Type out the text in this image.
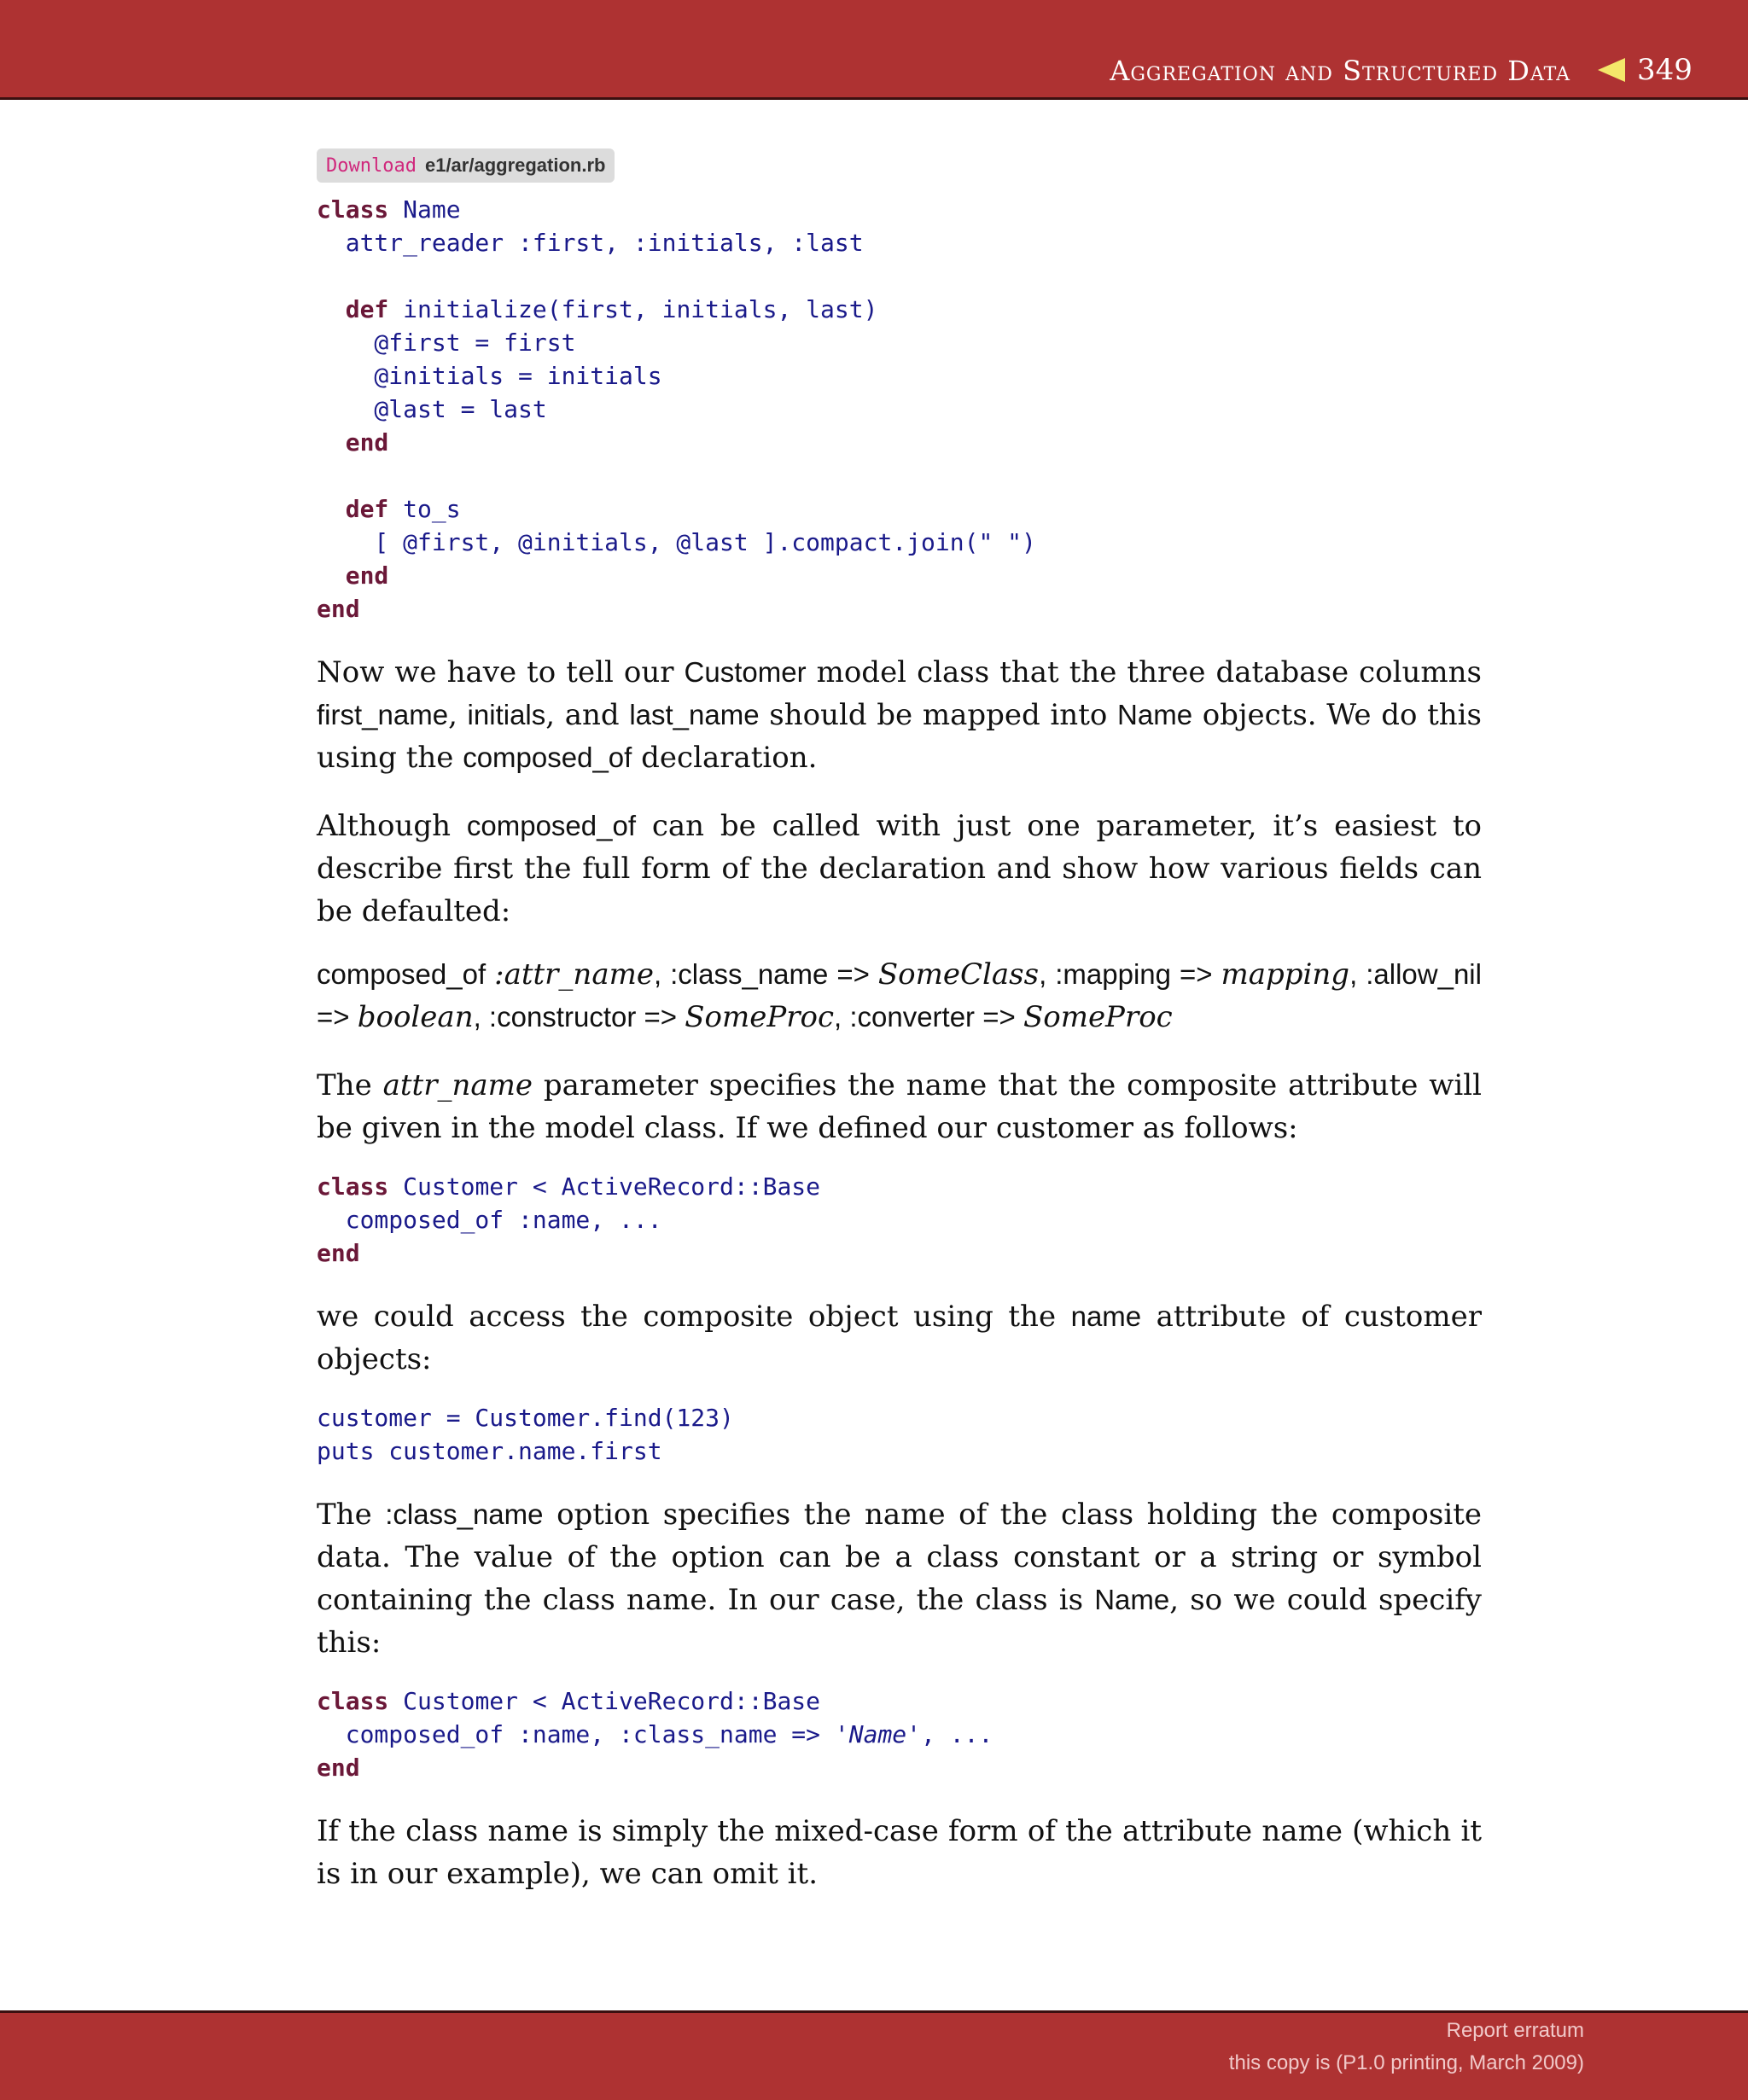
Aggregation and Structured Data 349
Download e1/ar/aggregation.rb
class Name
attr_reader :first, :initials, :last

def initialize(first, initials, last)
@first = first
@initials = initials
@last = last
end

def to_s
[ @first, @initials, @last ].compact.join(" ")
end
end

Now we have to tell our Customer model class that the three database columns first_name, initials, and last_name should be mapped into Name objects. We do this using the composed_of declaration.

Although composed_of can be called with just one parameter, it’s easiest to describe first the full form of the declaration and show how various fields can be defaulted:

composed_of :attr_name, :class_name => SomeClass, :mapping => mapping, :allow_nil => boolean, :constructor => SomeProc, :converter => SomeProc

The attr_name parameter specifies the name that the composite attribute will be given in the model class. If we defined our customer as follows:

class Customer < ActiveRecord::Base
composed_of :name, ...
end

we could access the composite object using the name attribute of customer objects:

customer = Customer.find(123)
puts customer.name.first

The :class_name option specifies the name of the class holding the composite data. The value of the option can be a class constant or a string or symbol containing the class name. In our case, the class is Name, so we could specify this:

class Customer < ActiveRecord::Base
composed_of :name, :class_name => 'Name', ...
end

If the class name is simply the mixed-case form of the attribute name (which it is in our example), we can omit it.

Report erratum
this copy is (P1.0 printing, March 2009)
